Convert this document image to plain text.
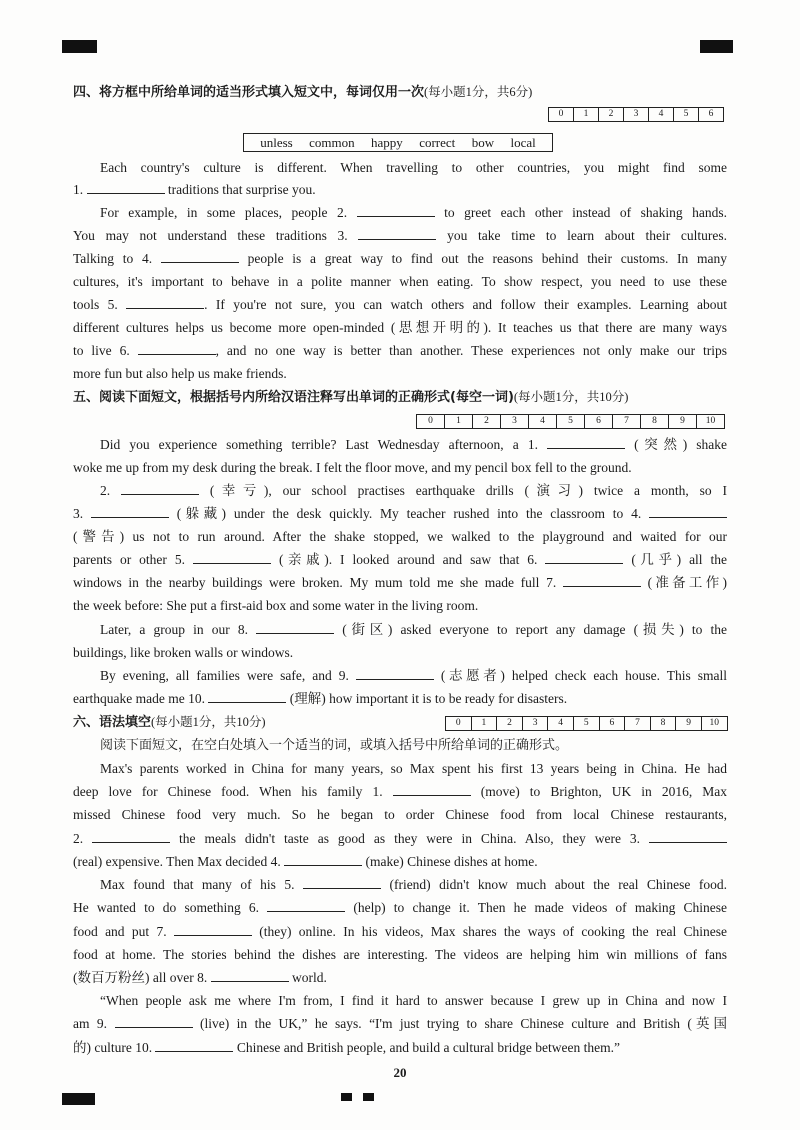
四、将方框中所给单词的适当形式填入短文中，每词仅用一次(每小题1分，共6分)
0	1	2	3	4	5	6
unless common happy correct bow local
Each country's culture is different. When travelling to other countries, you might find some
1.	traditions that surprise you.
For example, in some places, people 2.	to greet each other instead of shaking hands.
You may not understand these traditions 3.	you take time to learn about their cultures.
Talking to 4.	people is a great way to find out the reasons behind their customs. In many
cultures, it's important to behave in a polite manner when eating. To show respect, you need to use these
tools 5.	. If you're not sure, you can watch others and follow their examples. Learning about
different cultures helps us become more open-minded (思想开明的). It teaches us that there are many ways
to live 6.	, and no one way is better than another. These experiences not only make our trips
more fun but also help us make friends.
五、阅读下面短文，根据括号内所给汉语注释写出单词的正确形式(每空一词)(每小题1分，共10分)
0	1	2	3	4	5	6	7	8	9	10
Did you experience something terrible? Last Wednesday afternoon, a 1.	(突然) shake
woke me up from my desk during the break. I felt the floor move, and my pencil box fell to the ground.
2.	(幸亏), our school practises earthquake drills (演习) twice a month, so I
3.	(躲藏) under the desk quickly. My teacher rushed into the classroom to 4.
(警告) us not to run around. After the shake stopped, we walked to the playground and waited for our
parents or other 5.	(亲戚). I looked around and saw that 6.	(几乎) all the
windows in the nearby buildings were broken. My mum told me she made full 7.	(准备工作)
the week before: She put a first-aid box and some water in the living room.
Later, a group in our 8.	(街区) asked everyone to report any damage (损失) to the
buildings, like broken walls or windows.
By evening, all families were safe, and 9.	(志愿者) helped check each house. This small
earthquake made me 10.	(理解) how important it is to be ready for disasters.
六、语法填空(每小题1分，共10分)	0	1	2	3	4	5	6	7	8	9	10
阅读下面短文，在空白处填入一个适当的词，或填入括号中所给单词的正确形式。
Max's parents worked in China for many years, so Max spent his first 13 years being in China. He had
deep love for Chinese food. When his family 1.	(move) to Brighton, UK in 2016, Max
missed Chinese food very much. So he began to order Chinese food from local Chinese restaurants,
2.	the meals didn't taste as good as they were in China. Also, they were 3.
(real) expensive. Then Max decided 4.	(make) Chinese dishes at home.
Max found that many of his 5.	(friend) didn't know much about the real Chinese food.
He wanted to do something 6.	(help) to change it. Then he made videos of making Chinese
food and put 7.	(they) online. In his videos, Max shares the ways of cooking the real Chinese
food at home. The stories behind the dishes are interesting. The videos are helping him win millions of fans
(数百万粉丝) all over 8.	world.
“When people ask me where I'm from, I find it hard to answer because I grew up in China and now I
am 9.	(live) in the UK,” he says. “I'm just trying to share Chinese culture and British (英国
的) culture 10.	Chinese and British people, and build a cultural bridge between them.”
20
